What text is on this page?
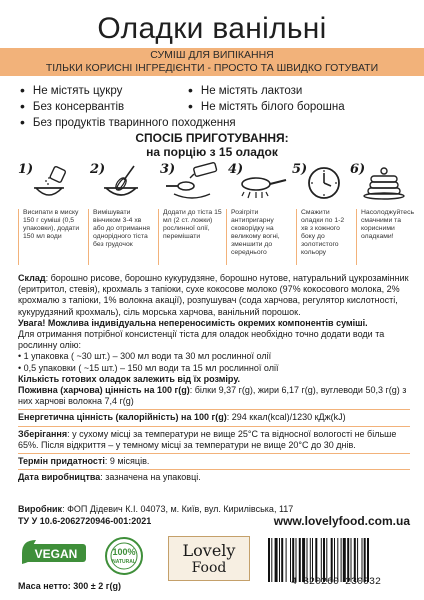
Оладки ванільні
СУМІШ ДЛЯ ВИПІКАННЯ
ТІЛЬКИ КОРИСНІ ІНГРЕДІЄНТИ - ПРОСТО ТА ШВИДКО ГОТУВАТИ
• Не містять цукру	• Не містять лактози
• Без консервантів	• Не містять білого борошна
• Без продуктів тваринного походження
СПОСІБ ПРИГОТУВАННЯ:
на порцію з 15 оладок
1)	2)	3)	4)	5)	6)
Висипати в миску 150 г суміші (0,5 упаковки), додати 150 мл води
Вимішувати вінчиком 3-4 хв або до отримання однорідного тіста без грудочок
Додати до тіста 15 мл (2 ст. ложки) рослинної олії, перемішати
Розігріти антипригарну сковорідку на великому вогні, зменшити до середнього
Смажити оладки по 1-2 хв з кожного боку до золотистого кольору
Насолоджуйтесь смачними та корисними оладками!

Склад: борошно рисове, борошно кукурудзяне, борошно нутове, натуральний цукрозамінник (еритритол, стевія), крохмаль з тапіоки, сухе кокосове молоко (97% кокосового молока, 2% крохмалю з тапіоки, 1% волокна акації), розпушувач (сода харчова, регулятор кислотності, кукурудзяний крохмаль), сіль морська харчова, ванільний порошок.

Увага! Можлива індивідуальна непереносимість окремих компонентів суміші.

Для отримання потрібної консистенції тіста для оладок необхідно точно додати води та рослинну олію:

• 1 упаковка ( ~30 шт.) – 300 мл води та 30 мл рослинної олії

• 0,5 упаковки ( ~15 шт.) – 150 мл води та 15 мл рослинної олії

Кількість готових оладок залежить від їх розміру.

Поживна (харчова) цінність на 100 г(g): білки 9,37 г(g), жири 6,17 г(g), вуглеводи 50,3 г(g) з них харчові волокна 7,4 г(g)

Енергетична цінність (калорійність) на 100 г(g): 294 ккал(kcal)/1230 кДж(kJ)

Зберігання: у сухому місці за температури не вище 25°С та відносної вологості не більше 65%. Після відкриття – у темному місці за температури не вище 20°С до 30 днів.

Термін придатності: 9 місяців.

Дата виробництва: зазначена на упаковці.

Виробник: ФОП Дідевич К.І. 04073, м. Київ, вул. Кирилівська, 117

ТУ У 10.6-2062720946-001:2021	www.lovelyfood.com.ua
VEGAN	100%
NATURAL
Lovely
Food
4 820260 230032
Маса нетто: 300 ± 2 г(g)
